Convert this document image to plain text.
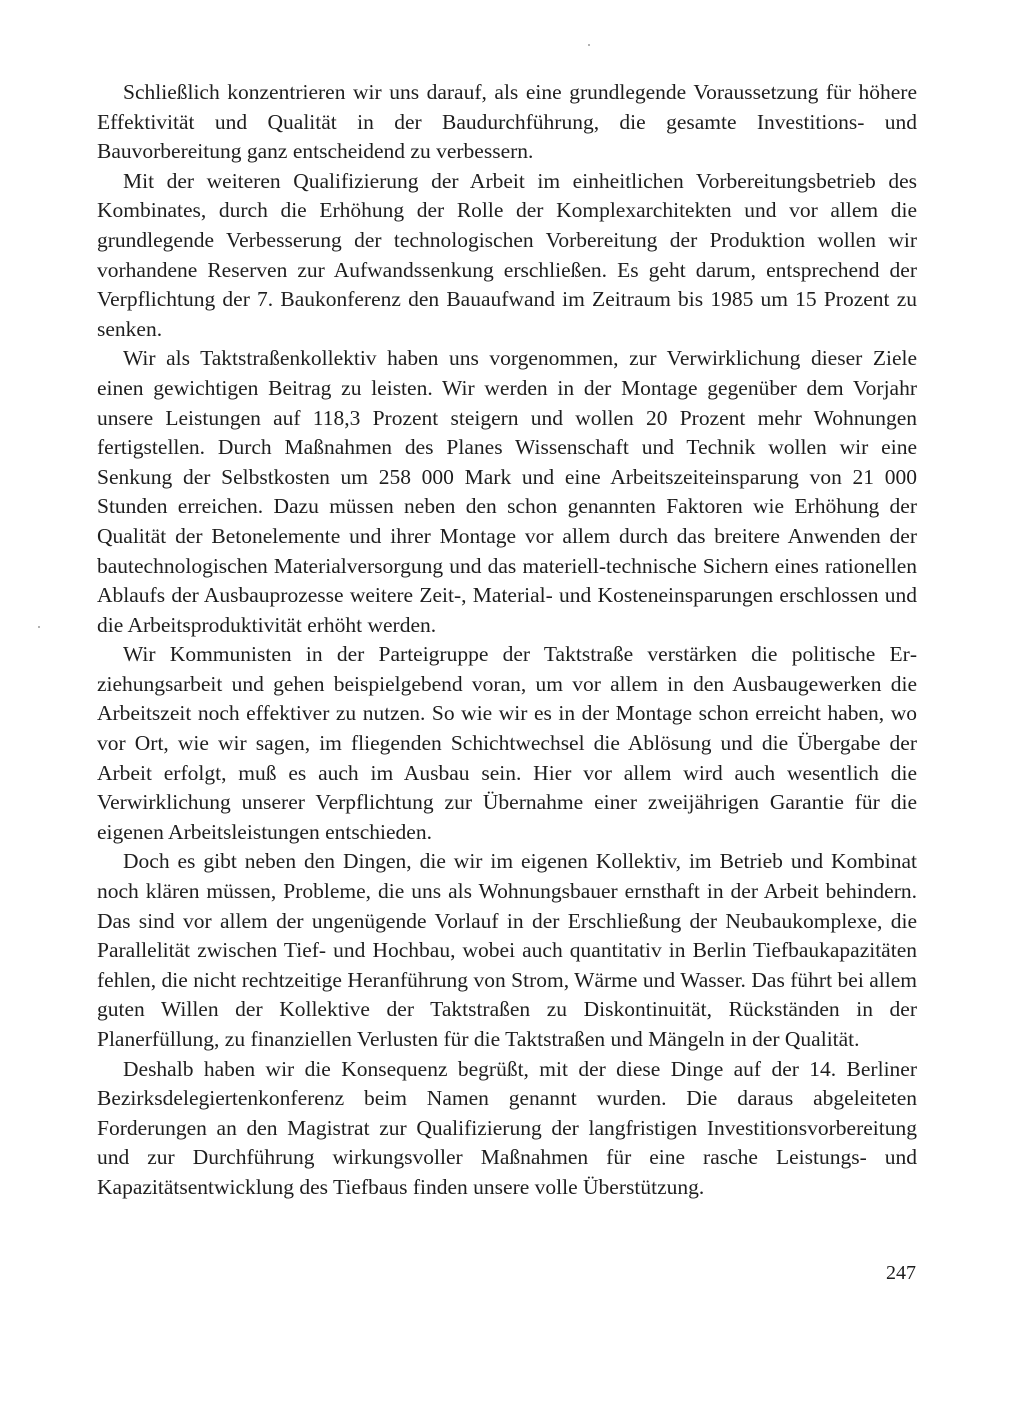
Schließlich konzentrieren wir uns darauf, als eine grundlegende Voraussetzung für höhere Effektivität und Qualität in der Baudurchführung, die gesamte Investitions- und Bauvorbereitung ganz entscheidend zu verbessern.

Mit der weiteren Qualifizierung der Arbeit im einheitlichen Vorbereitungsbetrieb des Kombinates, durch die Erhöhung der Rolle der Komplexarchitekten und vor allem die grundlegende Verbesserung der technologischen Vorbereitung der Produktion wollen wir vorhandene Reserven zur Aufwandssenkung erschließen. Es geht darum, entsprechend der Verpflichtung der 7. Baukonferenz den Bauaufwand im Zeitraum bis 1985 um 15 Prozent zu senken.

Wir als Taktstraßenkollektiv haben uns vorgenommen, zur Verwirklichung dieser Ziele einen gewichtigen Beitrag zu leisten. Wir werden in der Montage gegenüber dem Vorjahr unsere Leistungen auf 118,3 Prozent steigern und wollen 20 Prozent mehr Wohnungen fertigstellen. Durch Maßnahmen des Planes Wissenschaft und Technik wollen wir eine Senkung der Selbstkosten um 258 000 Mark und eine Arbeitszeiteinsparung von 21 000 Stunden erreichen. Dazu müssen neben den schon genannten Faktoren wie Erhöhung der Qualität der Betonelemente und ihrer Montage vor allem durch das breitere Anwenden der bautechnologischen Materialversorgung und das materiell-technische Sichern eines rationellen Ablaufs der Ausbauprozesse weitere Zeit-, Material- und Kosteneinsparungen erschlossen und die Arbeitsproduktivität erhöht werden.

Wir Kommunisten in der Parteigruppe der Taktstraße verstärken die politische Erziehungsarbeit und gehen beispielgebend voran, um vor allem in den Ausbaugewerken die Arbeitszeit noch effektiver zu nutzen. So wie wir es in der Montage schon erreicht haben, wo vor Ort, wie wir sagen, im fliegenden Schichtwechsel die Ablösung und die Übergabe der Arbeit erfolgt, muß es auch im Ausbau sein. Hier vor allem wird auch wesentlich die Verwirklichung unserer Verpflichtung zur Übernahme einer zweijährigen Garantie für die eigenen Arbeitsleistungen entschieden.

Doch es gibt neben den Dingen, die wir im eigenen Kollektiv, im Betrieb und Kombinat noch klären müssen, Probleme, die uns als Wohnungsbauer ernsthaft in der Arbeit behindern. Das sind vor allem der ungenügende Vorlauf in der Erschließung der Neubaukomplexe, die Parallelität zwischen Tief- und Hochbau, wobei auch quantitativ in Berlin Tiefbaukapazitäten fehlen, die nicht rechtzeitige Heranführung von Strom, Wärme und Wasser. Das führt bei allem guten Willen der Kollektive der Taktstraßen zu Diskontinuität, Rückständen in der Planerfüllung, zu finanziellen Verlusten für die Taktstraßen und Mängeln in der Qualität.

Deshalb haben wir die Konsequenz begrüßt, mit der diese Dinge auf der 14. Berliner Bezirksdelegiertenkonferenz beim Namen genannt wurden. Die daraus abgeleiteten Forderungen an den Magistrat zur Qualifizierung der langfristigen Investitionsvorbereitung und zur Durchführung wirkungsvoller Maßnahmen für eine rasche Leistungs- und Kapazitätsentwicklung des Tiefbaus finden unsere volle Überstützung.

247
